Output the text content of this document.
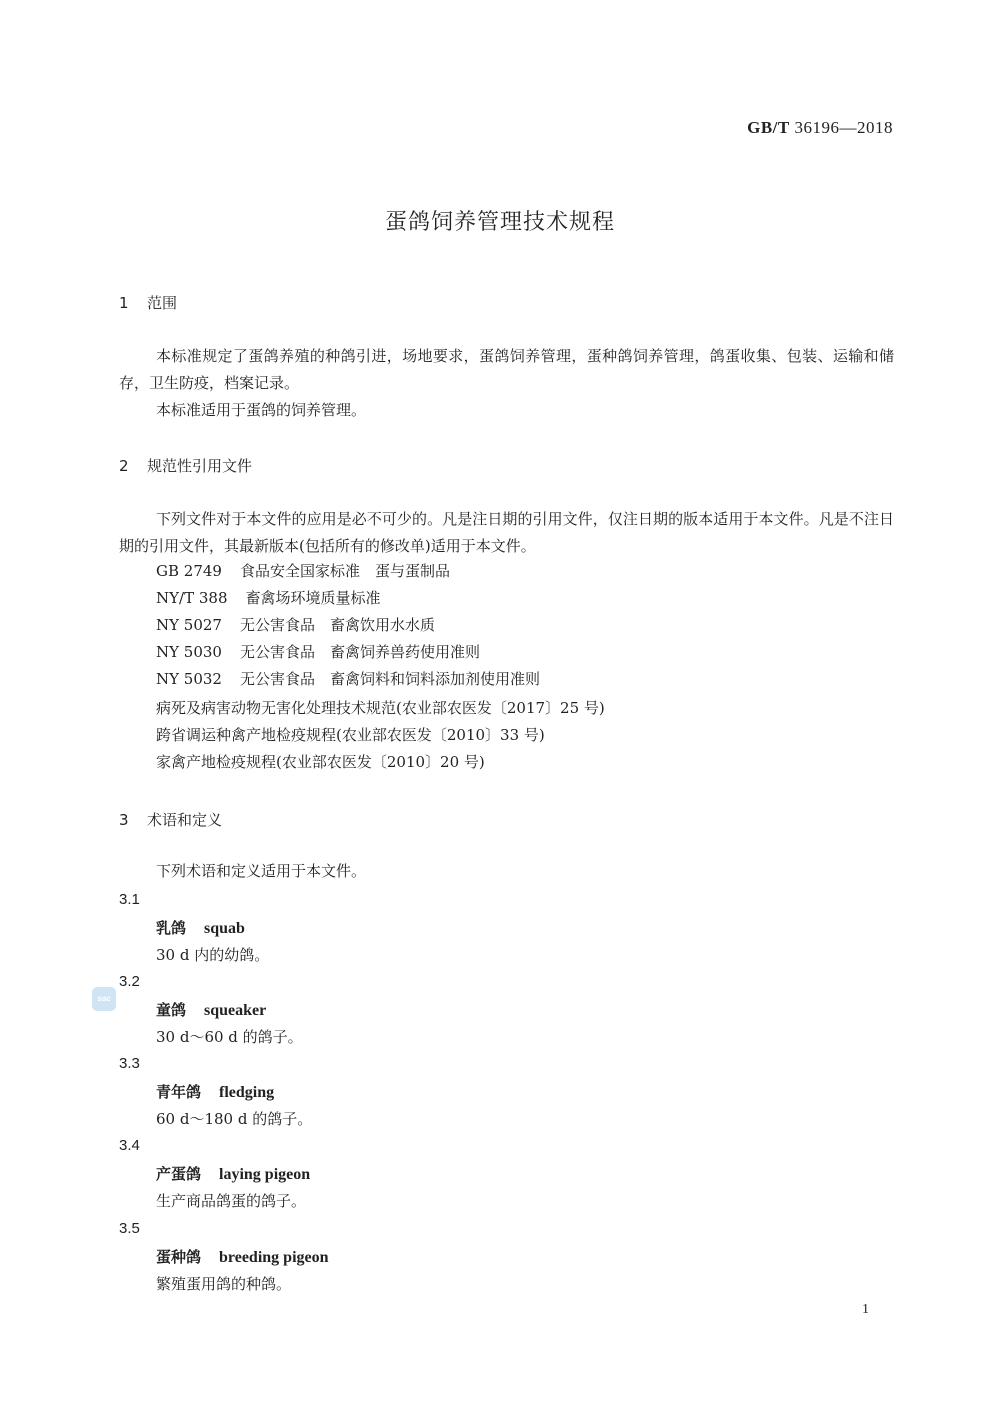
GB/T 36196—2018
蛋鸽饲养管理技术规程
1 范围
本标准规定了蛋鸽养殖的种鸽引进，场地要求，蛋鸽饲养管理，蛋种鸽饲养管理，鸽蛋收集、包装、运输和储存，卫生防疫，档案记录。
本标准适用于蛋鸽的饲养管理。
2 规范性引用文件
下列文件对于本文件的应用是必不可少的。凡是注日期的引用文件，仅注日期的版本适用于本文件。凡是不注日期的引用文件，其最新版本(包括所有的修改单)适用于本文件。
GB 2749 食品安全国家标准　蛋与蛋制品
NY/T 388 畜禽场环境质量标准
NY 5027 无公害食品　畜禽饮用水水质
NY 5030 无公害食品　畜禽饲养兽药使用准则
NY 5032 无公害食品　畜禽饲料和饲料添加剂使用准则
病死及病害动物无害化处理技术规范(农业部农医发〔2017〕25 号)
跨省调运种禽产地检疫规程(农业部农医发〔2010〕33 号)
家禽产地检疫规程(农业部农医发〔2010〕20 号)
3 术语和定义
下列术语和定义适用于本文件。
3.1
乳鸽 squab
30 d 内的幼鸽。
3.2
童鸽 squeaker
30 d～60 d 的鸽子。
3.3
青年鸽 fledging
60 d～180 d 的鸽子。
3.4
产蛋鸽 laying pigeon
生产商品鸽蛋的鸽子。
3.5
蛋种鸽 breeding pigeon
繁殖蛋用鸽的种鸽。
sac
1
